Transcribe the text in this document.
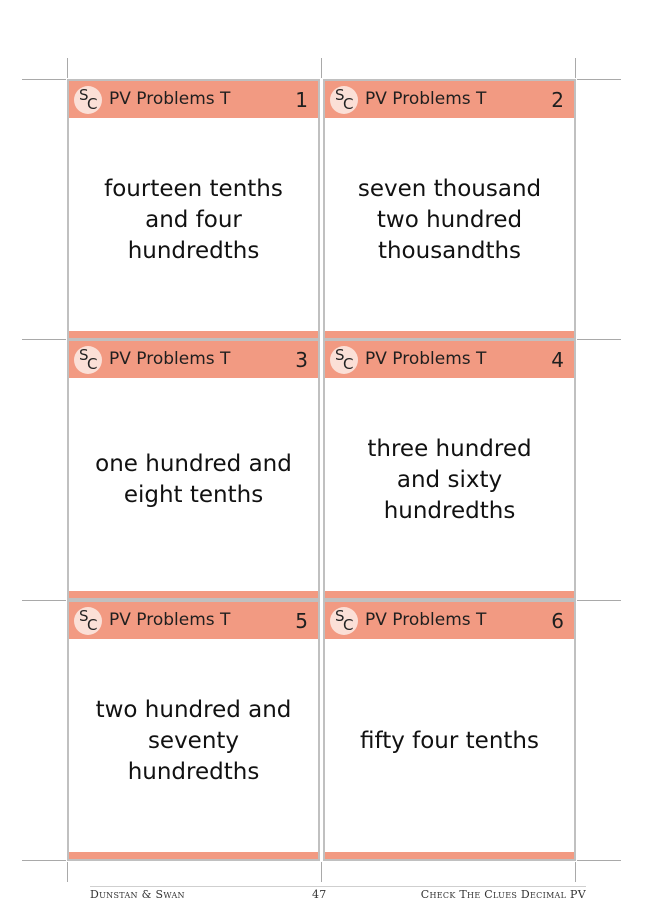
S
C PV Problems T	1
fourteen tenths and four hundredths
S
C PV Problems T	2
seven thousand two hundred thousandths
S
C PV Problems T	3
one hundred and eight tenths
S
C PV Problems T	4
three hundred and sixty hundredths
S
C PV Problems T	5
two hundred and seventy hundredths
S
C PV Problems T	6
fifty four tenths
Dunstan & Swan	47	Check The Clues Decimal PV
